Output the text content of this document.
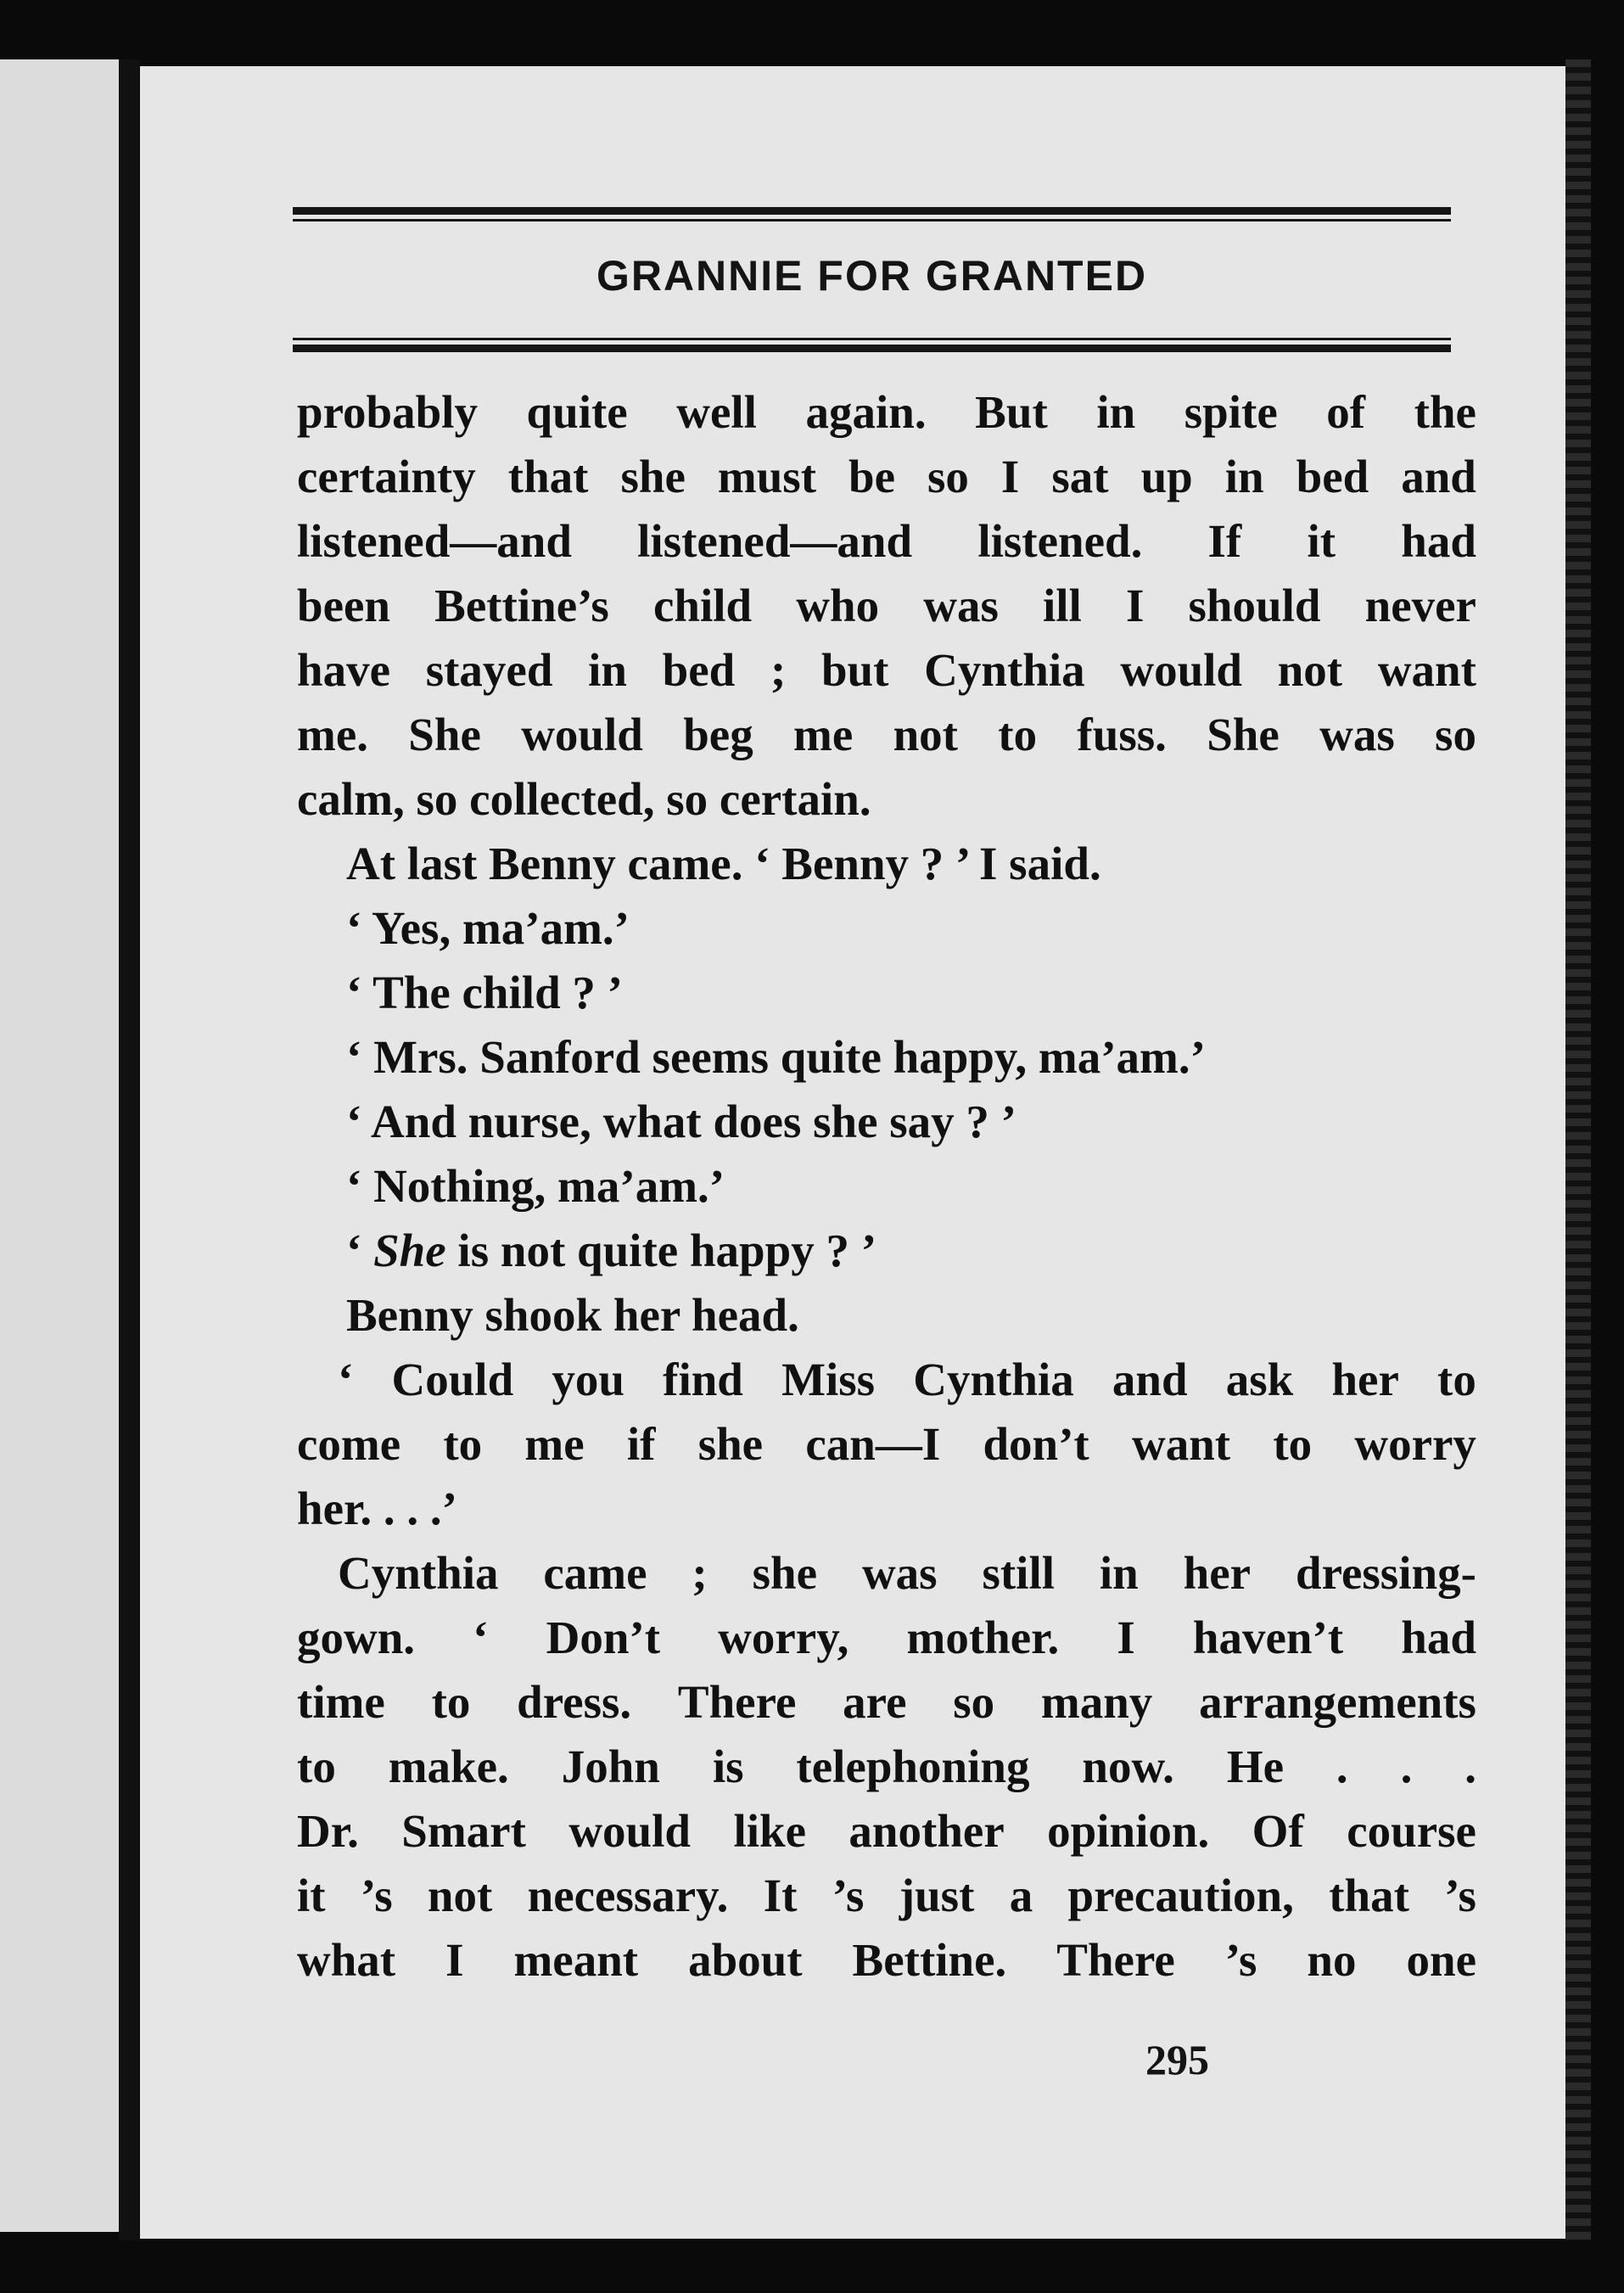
GRANNIE FOR GRANTED
probably quite well again. But in spite of the
certainty that she must be so I sat up in bed and
listened—and listened—and listened. If it had
been Bettine’s child who was ill I should never
have stayed in bed ; but Cynthia would not want
me. She would beg me not to fuss. She was so
calm, so collected, so certain.
At last Benny came. ‘ Benny ? ’ I said.
‘ Yes, ma’am.’
‘ The child ? ’
‘ Mrs. Sanford seems quite happy, ma’am.’
‘ And nurse, what does she say ? ’
‘ Nothing, ma’am.’
‘ She is not quite happy ? ’
Benny shook her head.
‘ Could you find Miss Cynthia and ask her to
come to me if she can—I don’t want to worry
her. . . .’
Cynthia came ; she was still in her dressing-
gown. ‘ Don’t worry, mother. I haven’t had
time to dress. There are so many arrangements
to make. John is telephoning now. He . . .
Dr. Smart would like another opinion. Of course
it ’s not necessary. It ’s just a precaution, that ’s
what I meant about Bettine. There ’s no one

295
